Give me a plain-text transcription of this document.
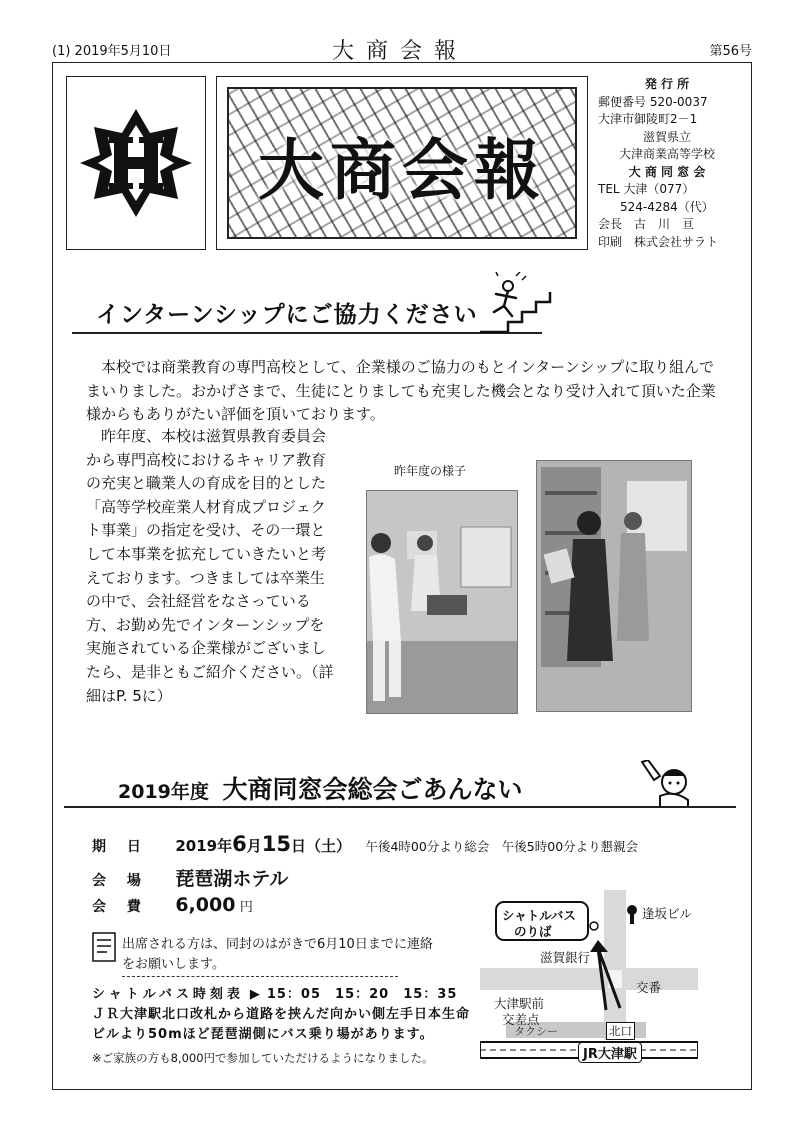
(1) 2019年5月10日	大商会報	第56号
大商会報
発 行 所
郵便番号 520-0037
大津市御陵町2－1
滋賀県立
大津商業高等学校
大 商 同 窓 会
TEL 大津（077）
524-4284（代）
会長　古　川　亘
印刷　株式会社サラト
インターンシップにご協力ください
本校では商業教育の専門高校として、企業様のご協力のもとインターンシップに取り組んでまいりました。おかげさまで、生徒にとりましても充実した機会となり受け入れて頂いた企業様からもありがたい評価を頂いております。
昨年度、本校は滋賀県教育委員会から専門高校におけるキャリア教育の充実と職業人の育成を目的とした「高等学校産業人材育成プロジェクト事業」の指定を受け、その一環として本事業を拡充していきたいと考えております。つきましては卒業生の中で、会社経営をなさっている方、お勤め先でインターンシップを実施されている企業様がございましたら、是非ともご紹介ください。（詳細はP. 5に）
昨年度の様子
2019年度 大商同窓会総会ごあんない
期 日 2019年6月15日（土） 午後4時00分より総会　午後5時00分より懇親会
会 場 琵琶湖ホテル
会 費 6,000 円
出席される方は、同封のはがきで6月10日までに連絡をお願いします。
シャトルバス時刻表 ▶ 15：05　15：20　15：35
ＪＲ大津駅北口改札から道路を挟んだ向かい側左手日本生命ビルより50mほど琵琶湖側にバス乗り場があります。
※ご家族の方も8,000円で参加していただけるようになりました。
シャトルバス
のりば
逢坂ビル
滋賀銀行
交番
大津駅前
交差点
タクシー	北口
JR大津駅
